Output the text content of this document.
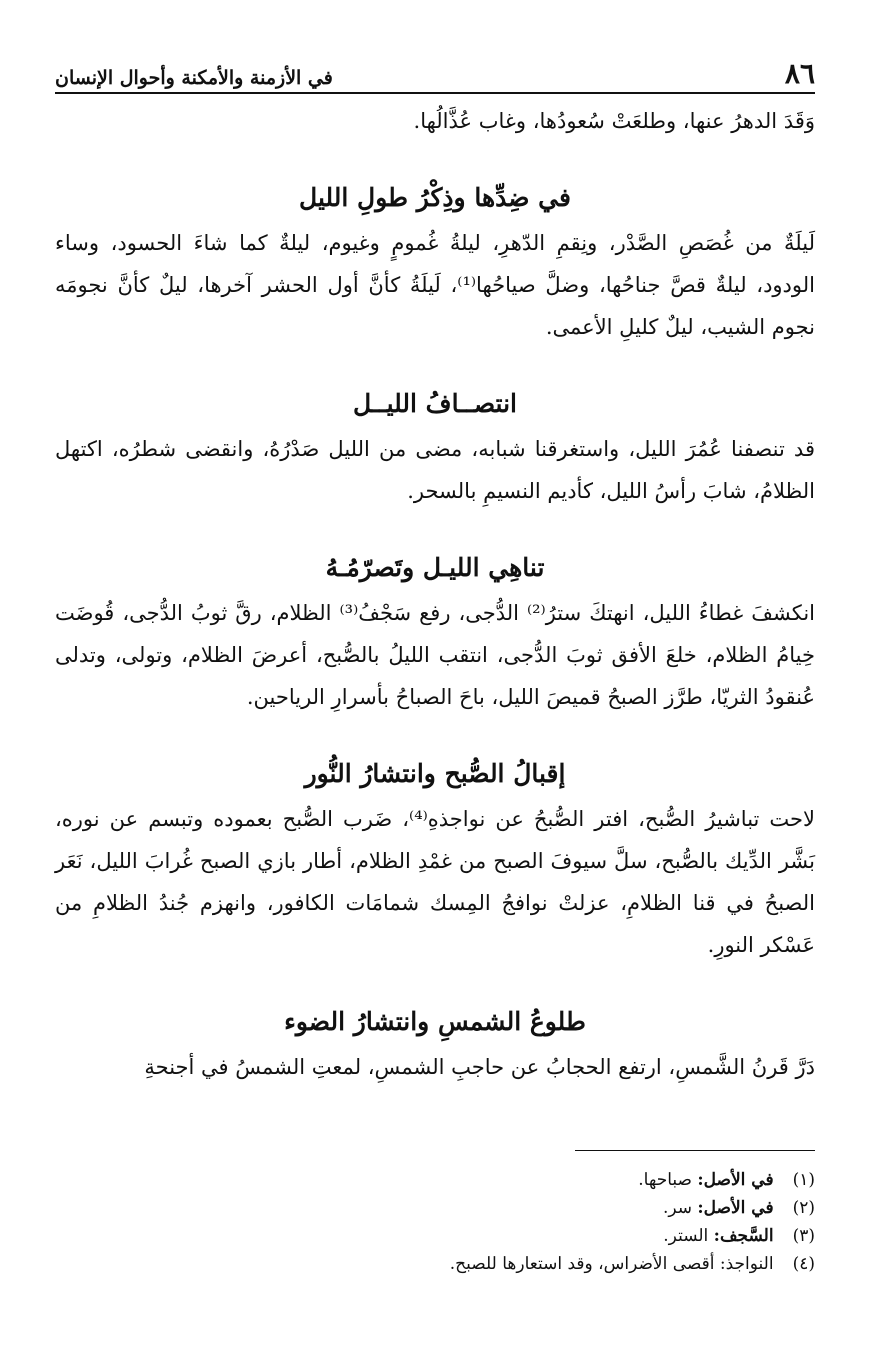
٨٦
في الأزمنة والأمكنة وأحوال الإنسان

وَقَدَ الدهرُ عنها، وطلعَتْ سُعودُها، وغاب عُذَّالُها.

في ضِدِّها وذِكْرُ طولِ الليل

لَيلَةٌ من غُصَصِ الصَّدْر، ونِقمِ الدّهرِ، ليلةُ غُمومٍ وغيوم، ليلةٌ كما شاءَ الحسود، وساء الودود، ليلةٌ قصَّ جناحُها، وضلَّ صياحُها⁽¹⁾، لَيلَةُ كأنَّ أول الحشر آخرها، ليلٌ كأنَّ نجومَه نجوم الشيب، ليلٌ كليلِ الأعمى.

انتصــافُ الليــل

قد تنصفنا عُمُرَ الليل، واستغرقنا شبابه، مضى من الليل صَدْرُهُ، وانقضى شطرُه، اكتهل الظلامُ، شابَ رأسُ الليل، كأديم النسيمِ بالسحر.

تناهِي الليـل وتَصرّمُـهُ

انكشفَ غطاءُ الليل، انهتكَ سترُ⁽²⁾ الدُّجى، رفع سَجْفُ⁽³⁾ الظلام، رقَّ ثوبُ الدُّجى، قُوضَت خِيامُ الظلام، خلعَ الأفق ثوبَ الدُّجى، انتقب الليلُ بالصُّبح، أعرضَ الظلام، وتولى، وتدلى عُنقودُ الثريّا، طرَّز الصبحُ قميصَ الليل، باحَ الصباحُ بأسرارِ الرياحين.

إقبالُ الصُّبح وانتشارُ النُّور

لاحت تباشيرُ الصُّبح، افتر الصُّبحُ عن نواجذهِ⁽⁴⁾، ضَرب الصُّبح بعموده وتبسم عن نوره، بَشَّر الدِّيك بالصُّبح، سلَّ سيوفَ الصبح من غمْدِ الظلام، أطار بازي الصبح غُرابَ الليل، نَعَر الصبحُ في قنا الظلامِ، عزلتْ نوافجُ المِسك شمامَات الكافور، وانهزم جُندُ الظلامِ من عَسْكر النورِ.

طلوعُ الشمسِ وانتشارُ الضوء

دَرَّ قَرنُ الشَّمسِ، ارتفع الحجابُ عن حاجبِ الشمسِ، لمعتِ الشمسُ في أجنحةِ

(١) في الأصل: صباحها.
(٢) في الأصل: سر.
(٣) السَّجف: الستر.
(٤) النواجذ: أقصى الأضراس، وقد استعارها للصبح.
